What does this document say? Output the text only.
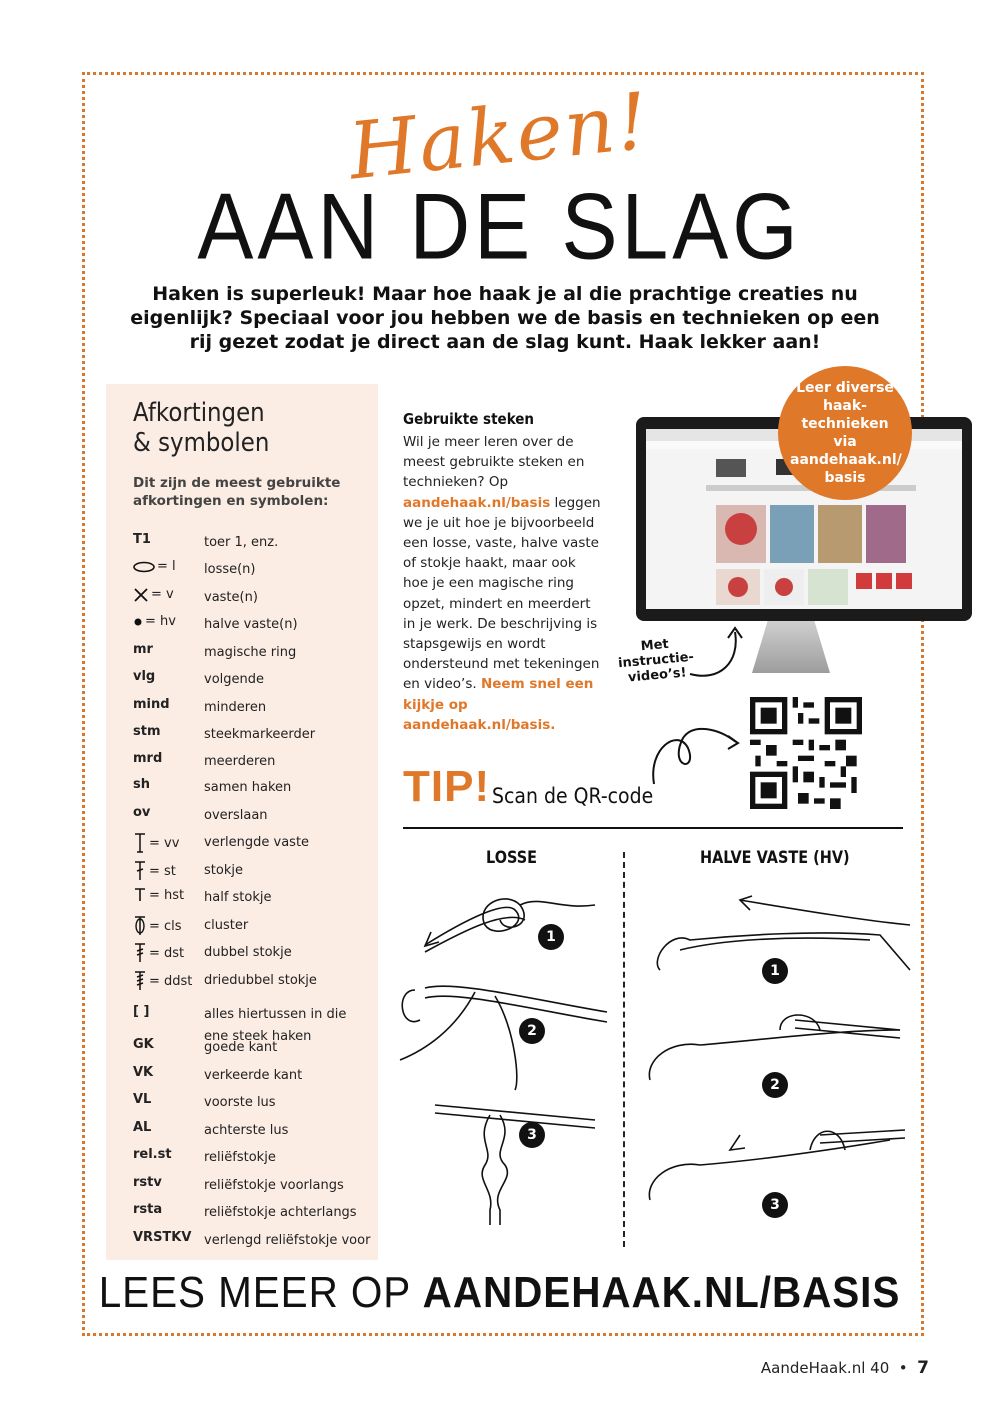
Haken!
AAN DE SLAG
Haken is superleuk! Maar hoe haak je al die prachtige creaties nu eigenlijk? Speciaal voor jou hebben we de basis en technieken op een rij gezet zodat je direct aan de slag kunt. Haak lekker aan!
Afkortingen
& symbolen
Dit zijn de meest gebruikte afkortingen en symbolen:
T1	toer 1, enz.
= l losse(n)
= v vaste(n)
= hv halve vaste(n)
mr	magische ring
vlg	volgende
mind	minderen
stm	steekmarkeerder
mrd	meerderen
sh	samen haken
ov	overslaan
= vv verlengde vaste
= st stokje
= hst half stokje
= cls cluster
= dst dubbel stokje
= ddst driedubbel stokje
[ ]	alles hiertussen in die ene steek haken
GK	goede kant
VK	verkeerde kant
VL	voorste lus
AL	achterste lus
rel.st reliëfstokje
rstv	reliëfstokje voorlangs
rsta	reliëfstokje achterlangs
VRSTKV verlengd reliëfstokje voor
Gebruikte steken
Wil je meer leren over de meest gebruikte steken en technieken? Op aandehaak.nl/basis leggen we je uit hoe je bijvoorbeeld een losse, vaste, halve vaste of stokje haakt, maar ook hoe je een magische ring opzet, mindert en meerdert in je werk. De beschrijving is stapsgewijs en wordt ondersteund met tekeningen en video’s. Neem snel een kijkje op aandehaak.nl/basis.
Leer diverse haak-technieken via aandehaak.nl/ basis
Met instructie-video’s!
TIP! Scan de QR-code
LOSSE	HALVE VASTE (HV)
1
2
3
1
2
3
LEES MEER OP AANDEHAAK.NL/BASIS
AandeHaak.nl 40  •  7
